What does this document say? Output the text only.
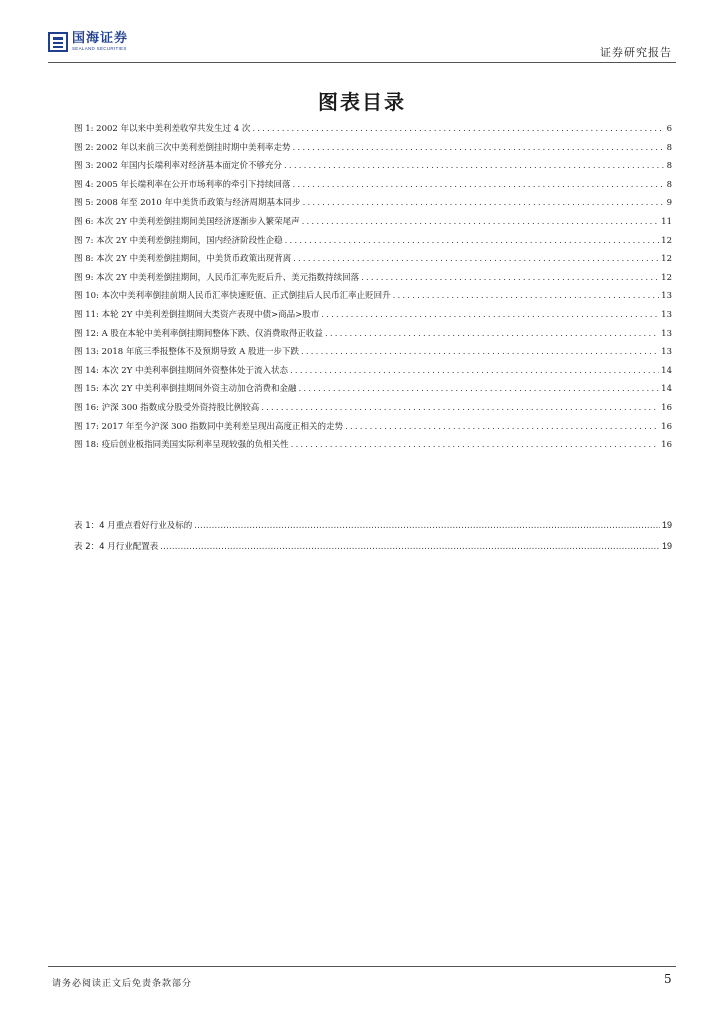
国海证券
SEALAND SECURITIES	证券研究报告
图表目录
图 1: 2002 年以来中美利差收窄共发生过 4 次 .....	6
图 2: 2002 年以来前三次中美利差倒挂时期中美利率走势 .....	8
图 3: 2002 年国内长端利率对经济基本面定价不够充分 .....	8
图 4: 2005 年长端利率在公开市场利率的牵引下持续回落 .....	8
图 5: 2008 年至 2010 年中美货币政策与经济周期基本同步 .....	9
图 6: 本次 2Y 中美利差倒挂期间美国经济逐渐步入繁荣尾声 .....	11
图 7: 本次 2Y 中美利差倒挂期间，国内经济阶段性企稳 .....	12
图 8: 本次 2Y 中美利差倒挂期间，中美货币政策出现背离 .....	12
图 9: 本次 2Y 中美利差倒挂期间，人民币汇率先贬后升、美元指数持续回落 .....	12
图 10: 本次中美利率倒挂前期人民币汇率快速贬值、正式倒挂后人民币汇率止贬回升 .....	13
图 11: 本轮 2Y 中美利差倒挂期间大类资产表现中债>商品>股市 .....	13
图 12: A 股在本轮中美利率倒挂期间整体下跌、仅消费取得正收益 .....	13
图 13: 2018 年底三季报整体不及预期导致 A 股进一步下跌 .....	13
图 14: 本次 2Y 中美利率倒挂期间外资整体处于流入状态 .....	14
图 15: 本次 2Y 中美利率倒挂期间外资主动加仓消费和金融 .....	14
图 16: 沪深 300 指数成分股受外资持股比例较高 .....	16
图 17: 2017 年至今沪深 300 指数同中美利差呈现出高度正相关的走势 .....	16
图 18: 疫后创业板指同美国实际利率呈现较强的负相关性 .....	16
表 1：4 月重点看好行业及标的 .....	19
表 2：4 月行业配置表 .....	19
请务必阅读正文后免责条款部分	5
